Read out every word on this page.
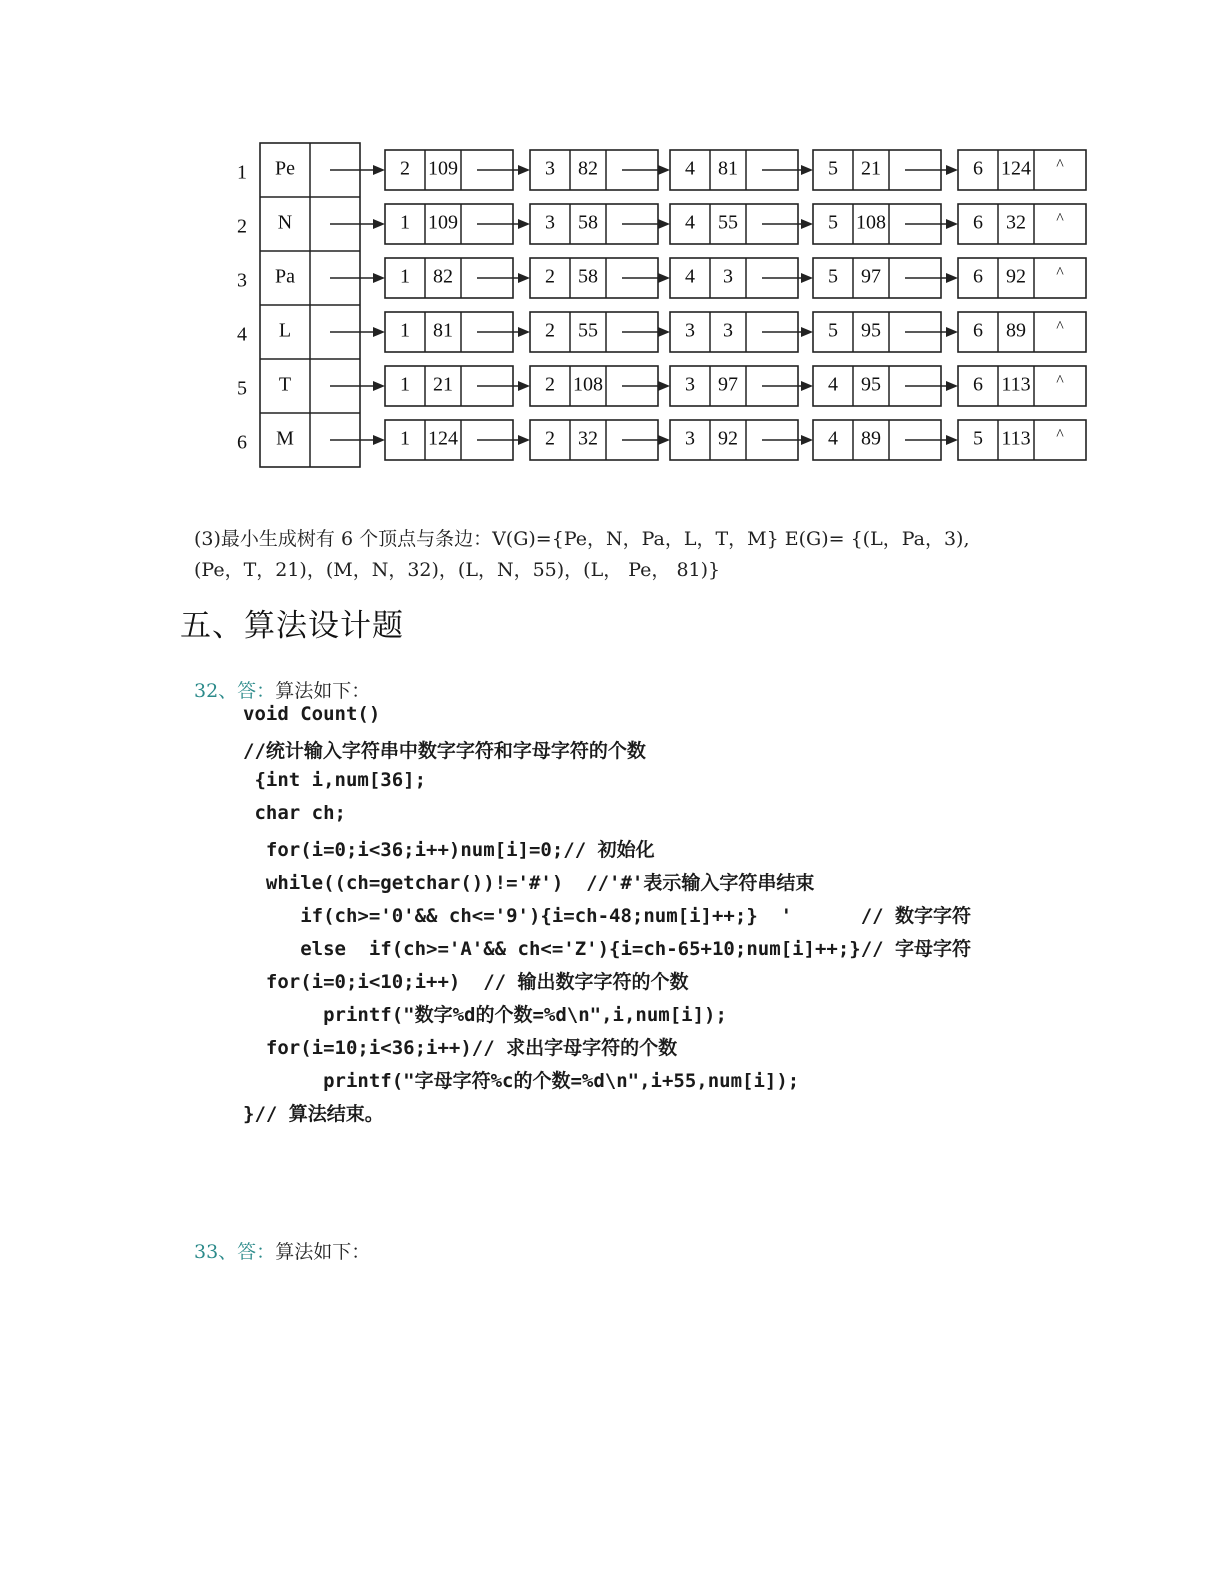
1 Pe	2 109	3 82	4 81	5 21	6 124 ^
2 N	1 109	3 58	4 55	5 108	6 32 ^
3 Pa	1 82	2 58	4 3	5 97	6 92 ^
4 L	1 81	2 55	3 3	5 95	6 89 ^
5 T	1 21	2 108	3 97	4 95	6 113 ^
6 M	1 124	2 32	3 92	4 89	5 113 ^
(3)最小生成树有 6 个顶点与条边：V(G)={Pe，N，Pa，L，T，M} E(G)= {(L，Pa，3),
(Pe，T，21)，(M，N，32)，(L，N，55)，(L， Pe， 81)}
五、算法设计题
32、答：算法如下：
void Count()
//统计输入字符串中数字字符和字母字符的个数
{int i,num[36];
char ch;
for(i=0;i<36;i++)num[i]=0;// 初始化
while((ch=getchar())!='#')  //'#'表示输入字符串结束
if(ch>='0'&& ch<='9'){i=ch-48;num[i]++;}  '      // 数字字符
else  if(ch>='A'&& ch<='Z'){i=ch-65+10;num[i]++;}// 字母字符
for(i=0;i<10;i++)  // 输出数字字符的个数
printf("数字%d的个数=%d\n",i,num[i]);
for(i=10;i<36;i++)// 求出字母字符的个数
printf("字母字符%c的个数=%d\n",i+55,num[i]);
}// 算法结束。
33、答：算法如下：
